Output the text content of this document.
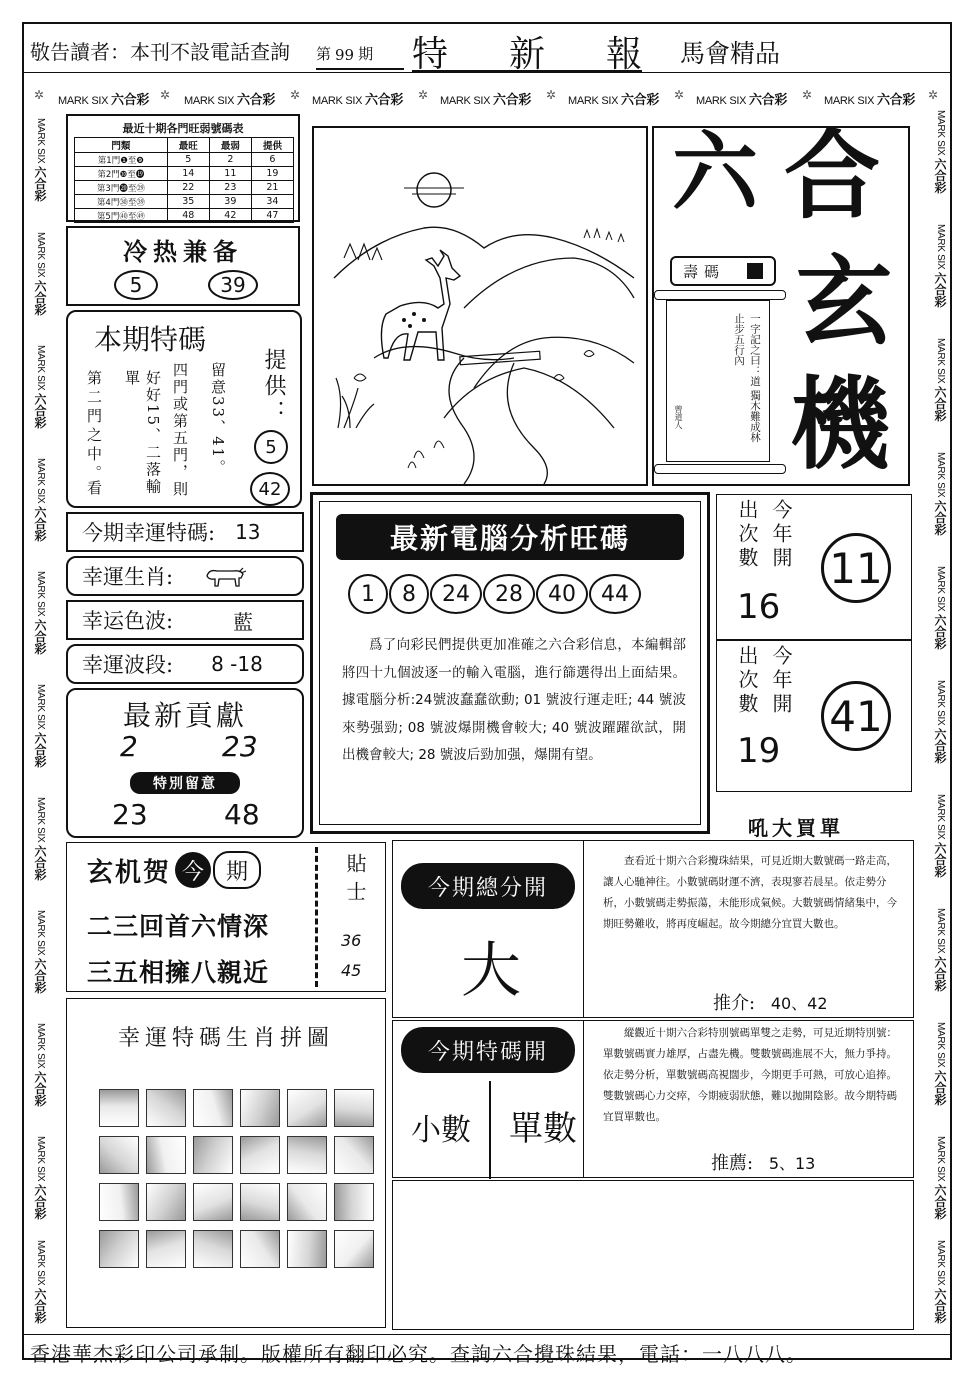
敬告讀者：本刊不設電話查詢 第 99 期 特 新 報 馬會精品
MARK SIX 六合彩	MARK SIX 六合彩	MARK SIX 六合彩	MARK SIX 六合彩	MARK SIX 六合彩	MARK SIX 六合彩	MARK SIX 六合彩
✲	✲	✲	✲	✲	✲	✲	✲
MARK SIX 六合彩
MARK SIX 六合彩
MARK SIX 六合彩
MARK SIX 六合彩
MARK SIX 六合彩
MARK SIX 六合彩
MARK SIX 六合彩
MARK SIX 六合彩
MARK SIX 六合彩
MARK SIX 六合彩
MARK SIX 六合彩
MARK SIX 六合彩
MARK SIX 六合彩
MARK SIX 六合彩
MARK SIX 六合彩
MARK SIX 六合彩
MARK SIX 六合彩
MARK SIX 六合彩
MARK SIX 六合彩
MARK SIX 六合彩
MARK SIX 六合彩
MARK SIX 六合彩
最近十期各門旺弱號碼表
門類	最旺	最弱	提供
第1門❶至❾	5	2	6
第2門❿至⓳	14	11	19
第3門⓴至㉙	22	23	21
第4門㉚至㊴	35	39	34
第5門㊵至㊾	48	42	47
冷热兼备
5	39
本期特碼
第二門之中。
看	好好15、二落輸單	四門或第五門，則 留意33、41。 提供：
5
42
今期幸運特碼: 13
幸運生肖:
幸运色波:	藍
幸運波段: 8 -18
最新貢獻
2	23
特別留意
23	48
玄机贺 今 期
二三回首六情深
三五相擁八親近
貼士
36
45
幸運特碼生肖拼圖
六 合
玄
機
壽碼
一字記之曰：道 獨木難成林 止步五行內
曾道人
最新電腦分析旺碼
1	8	24	28	40	44
爲了向彩民們提供更加准確之六合彩信息，本編輯部將四十九個波逐一的輸入電腦，進行篩選得出上面結果。據電腦分析:24號波蠢蠢欲動; 01 號波行運走旺; 44 號波來勢强勁; 08 號波爆開機會較大; 40 號波躍躍欲試，開出機會較大; 28 號波后勁加强，爆開有望。
今年開
出次數
16
11
今年開
出次數
19
41
吼大買單
今期總分開
大
查看近十期六合彩攪珠結果，可見近期大數號碼一路走高，讓人心馳神往。小數號碼財運不濟，表現寥若晨星。依走勢分析，小數號碼走勢振蕩，未能形成氣候。大數號碼情緒集中，今期旺勢難收，將再度崛起。故今期總分宜買大數也。
推介: 40、42
今期特碼開
小數 單數
縱觀近十期六合彩特別號碼單雙之走勢，可見近期特別號：單數號碼實力雄厚，占盡先機。雙數號碼進展不大，無力爭持。依走勢分析，單數號碼高視闊步，今期更手可熱，可放心追捧。雙數號碼心力交瘁，今期疲弱狀態，難以抛開陰影。故今期特碼宜買單數也。
推薦: 5、13
香港華杰彩印公司承制。版權所有翻印必究。查詢六合攪珠結果，電話：一八八八。
